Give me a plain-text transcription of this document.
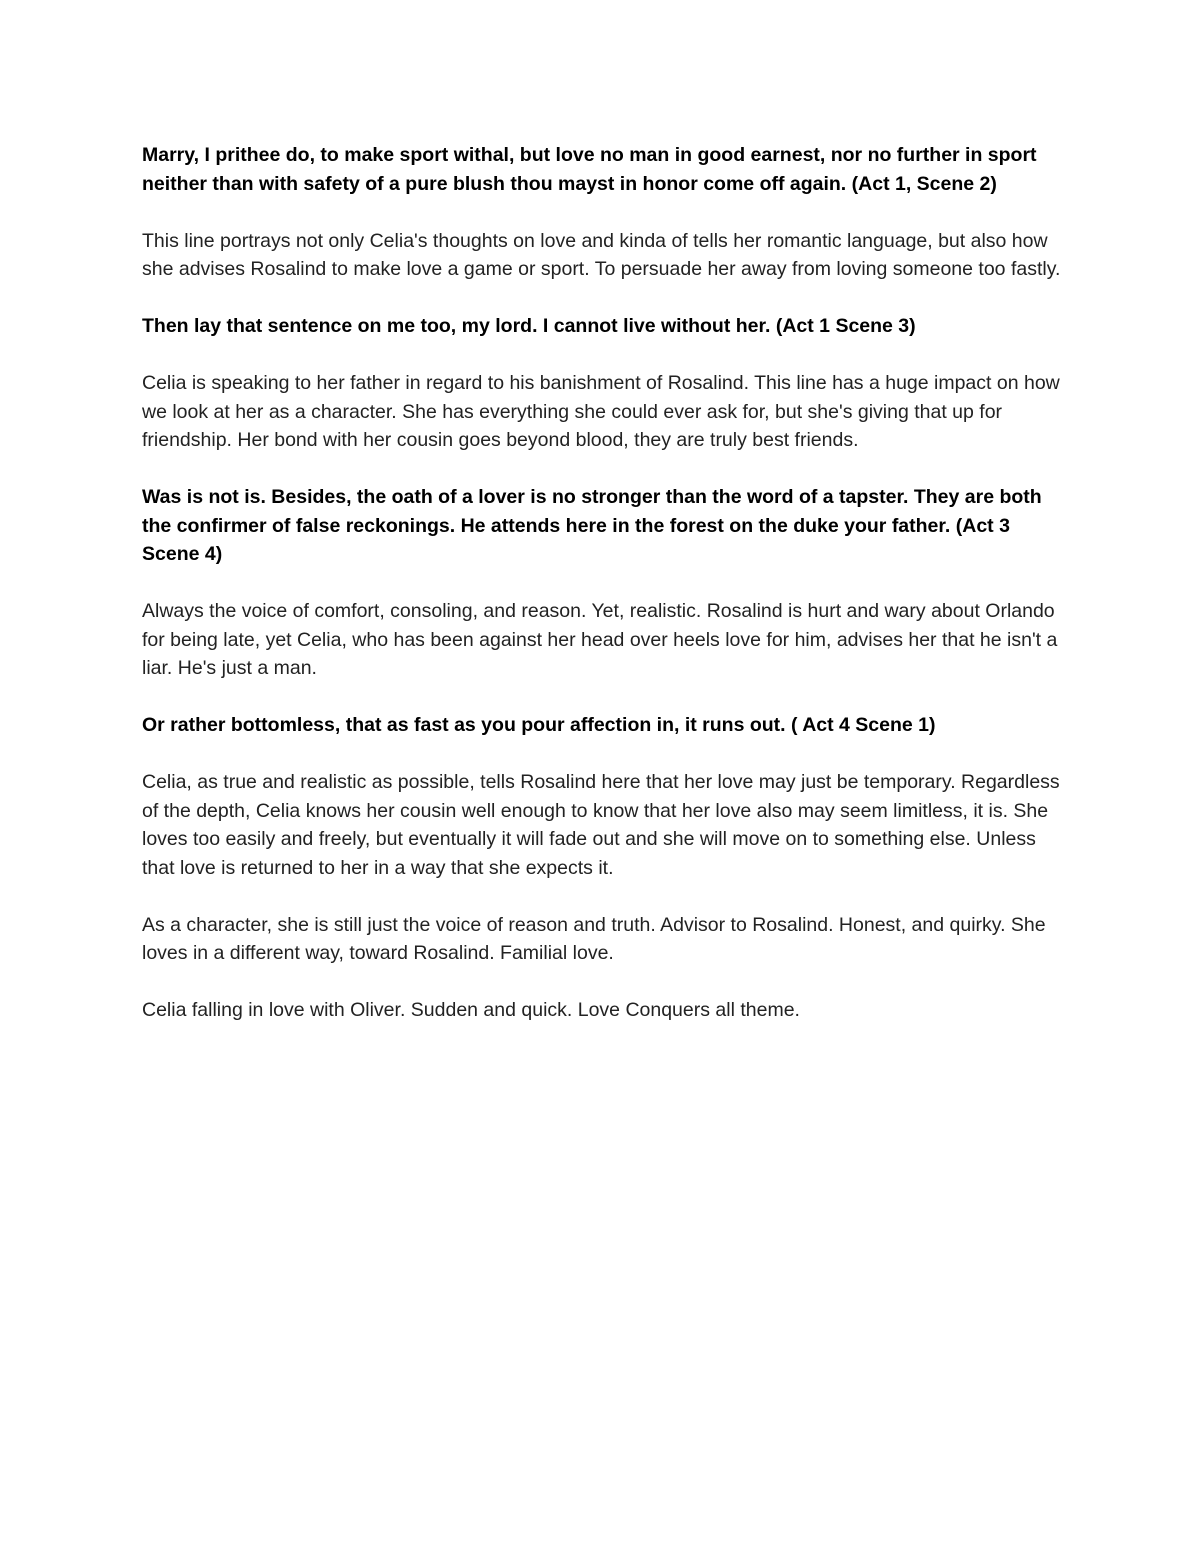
Marry, I prithee do, to make sport withal, but love no man in good earnest, nor no further in sport neither than with safety of a pure blush thou mayst in honor come off again. (Act 1, Scene 2)

This line portrays not only Celia's thoughts on love and kinda of tells her romantic language, but also how she advises Rosalind to make love a game or sport. To persuade her away from loving someone too fastly.

Then lay that sentence on me too, my lord. I cannot live without her. (Act 1 Scene 3)

Celia is speaking to her father in regard to his banishment of Rosalind. This line has a huge impact on how we look at her as a character. She has everything she could ever ask for, but she's giving that up for friendship. Her bond with her cousin goes beyond blood, they are truly best friends.

Was is not is. Besides, the oath of a lover is no stronger than the word of a tapster. They are both the confirmer of false reckonings. He attends here in the forest on the duke your father. (Act 3 Scene 4)

Always the voice of comfort, consoling, and reason. Yet, realistic. Rosalind is hurt and wary about Orlando for being late, yet Celia, who has been against her head over heels love for him, advises her that he isn't a liar. He's just a man.

Or rather bottomless, that as fast as you pour affection in, it runs out. ( Act 4 Scene 1)

Celia, as true and realistic as possible, tells Rosalind here that her love may just be temporary. Regardless of the depth, Celia knows her cousin well enough to know that her love also may seem limitless, it is. She loves too easily and freely, but eventually it will fade out and she will move on to something else. Unless that love is returned to her in a way that she expects it.

As a character, she is still just the voice of reason and truth. Advisor to Rosalind. Honest, and quirky. She loves in a different way, toward Rosalind. Familial love.

Celia falling in love with Oliver. Sudden and quick. Love Conquers all theme.
